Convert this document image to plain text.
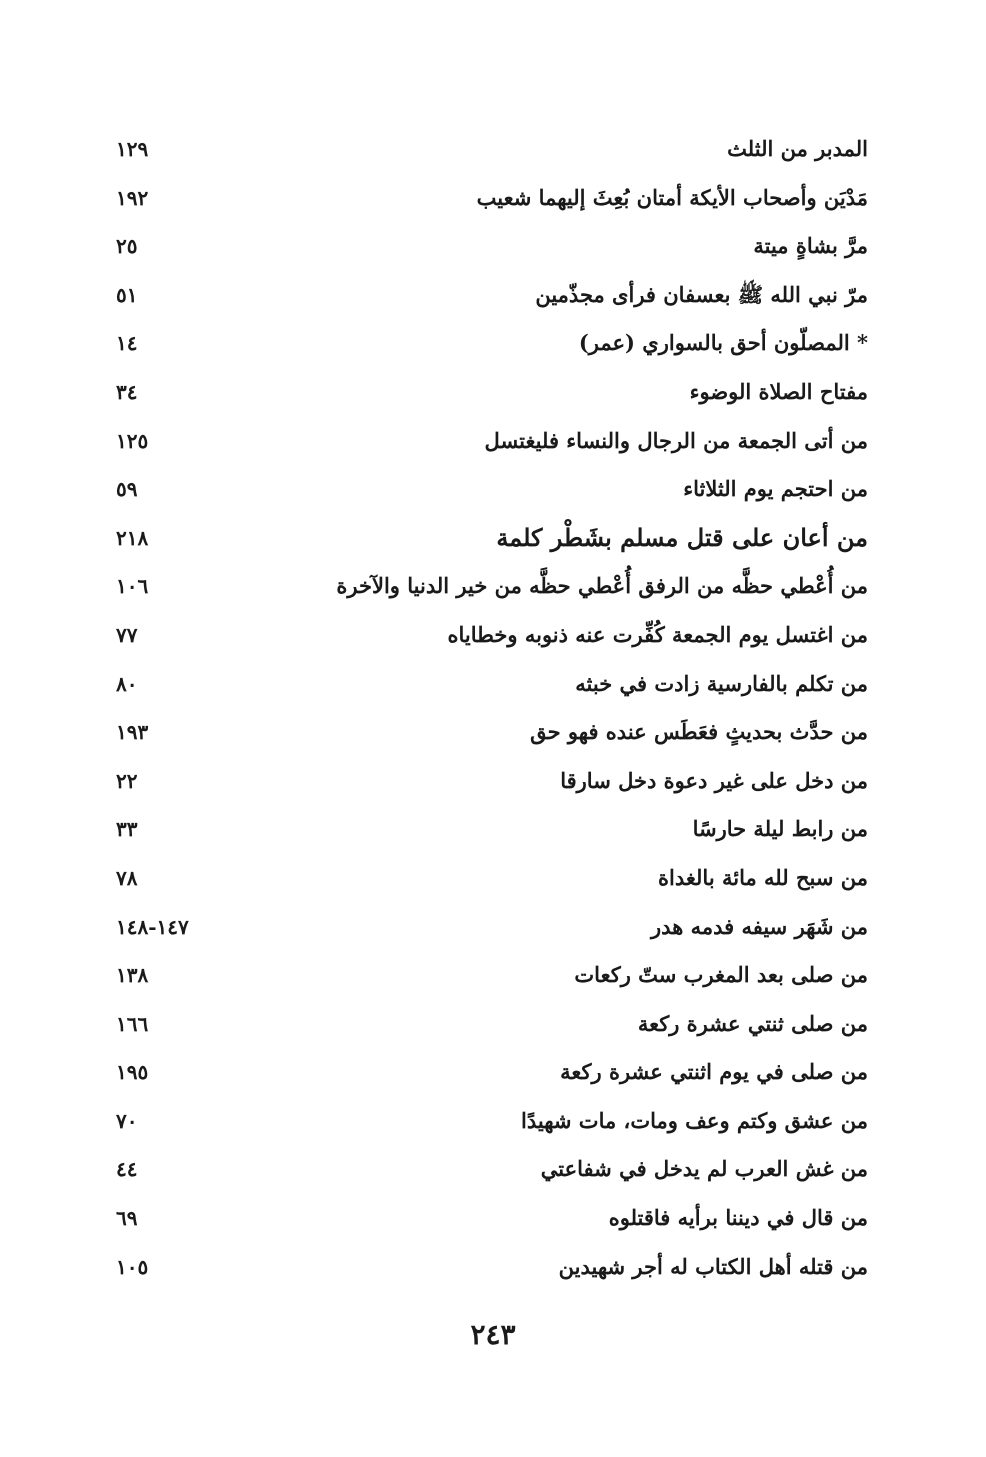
المدبر من الثلث
١٢٩
مَدْيَن وأصحاب الأيكة أمتان بُعِثَ إليهما شعيب
١٩٢
مرَّ بشاةٍ ميتة
٢٥
مرّ نبي الله ﷺ بعسفان فرأى مجذّمين
٥١
* المصلّون أحق بالسواري (عمر)
١٤
مفتاح الصلاة الوضوء
٣٤
من أتى الجمعة من الرجال والنساء فليغتسل
١٢٥
من احتجم يوم الثلاثاء
٥٩
من أعان على قتل مسلم بشَطْر كلمة
٢١٨
من أُعْطي حظَّه من الرفق أُعْطي حظَّه من خير الدنيا والآخرة
١٠٦
من اغتسل يوم الجمعة كُفِّرت عنه ذنوبه وخطاياه
٧٧
من تكلم بالفارسية زادت في خبثه
٨٠
من حدَّث بحديثٍ فعَطَس عنده فهو حق
١٩٣
من دخل على غير دعوة دخل سارقا
٢٢
من رابط ليلة حارسًا
٣٣
من سبح لله مائة بالغداة
٧٨
من شَهَر سيفه فدمه هدر
١٤٧-١٤٨
من صلى بعد المغرب ستّ ركعات
١٣٨
من صلى ثنتي عشرة ركعة
١٦٦
من صلى في يوم اثنتي عشرة ركعة
١٩٥
من عشق وكتم وعف ومات، مات شهيدًا
٧٠
من غش العرب لم يدخل في شفاعتي
٤٤
من قال في ديننا برأيه فاقتلوه
٦٩
من قتله أهل الكتاب له أجر شهيدين
١٠٥
٢٤٣
